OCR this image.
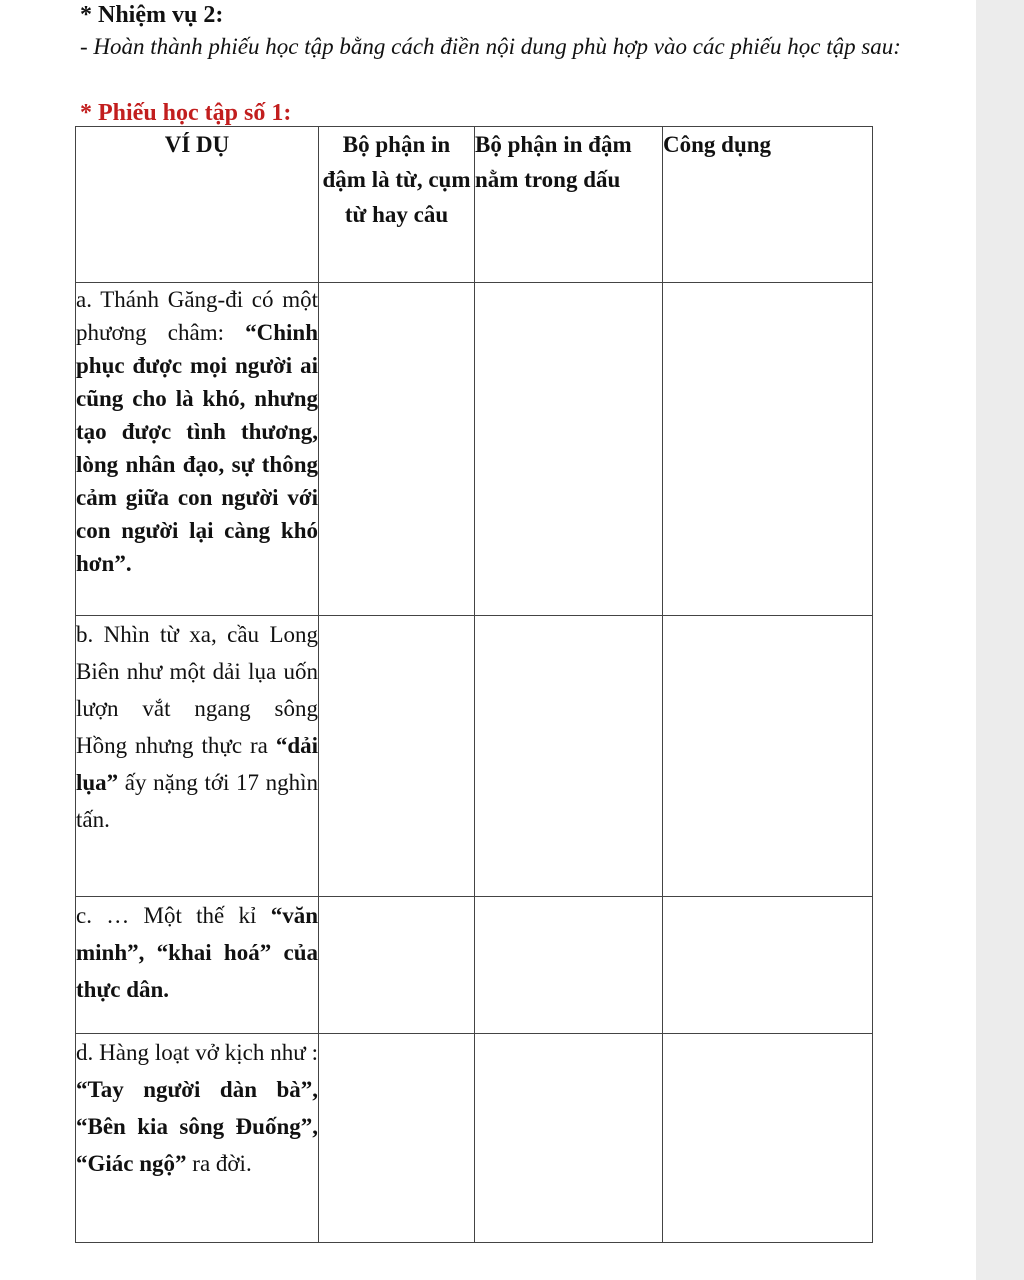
* Nhiệm vụ 2:
- Hoàn thành phiếu học tập bằng cách điền nội dung phù hợp vào các phiếu học tập sau:
* Phiếu học tập số 1:
VÍ DỤ	Bộ phận in đậm là từ, cụm từ hay câu	Bộ phận in đậm nằm trong dấu	Công dụng
a. Thánh Găng-đi có một phương châm: “Chinh phục được mọi người ai cũng cho là khó, nhưng tạo được tình thương, lòng nhân đạo, sự thông cảm giữa con người với con người lại càng khó hơn”.			
b. Nhìn từ xa, cầu Long Biên như một dải lụa uốn lượn vắt ngang sông Hồng nhưng thực ra “dải lụa” ấy nặng tới 17 nghìn tấn.			
c. … Một thế kỉ “văn minh”, “khai hoá” của thực dân.			
d. Hàng loạt vở kịch như : “Tay người dàn bà”, “Bên kia sông Đuống”, “Giác ngộ” ra đời.			
